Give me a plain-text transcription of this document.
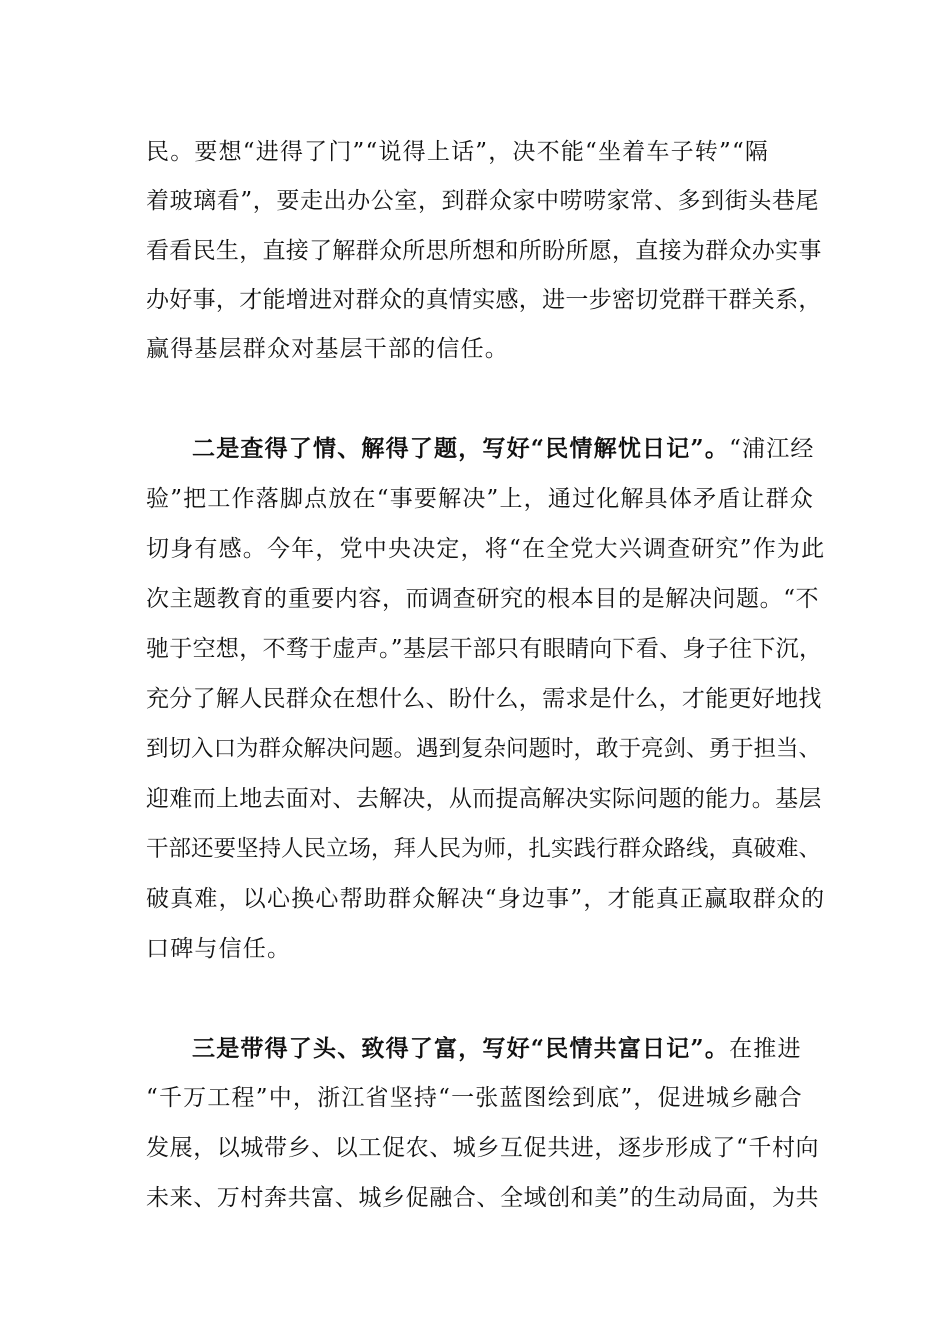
民。要想“进得了门”“说得上话”，决不能“坐着车子转”“隔
着玻璃看”，要走出办公室，到群众家中唠唠家常、多到街头巷尾
看看民生，直接了解群众所思所想和所盼所愿，直接为群众办实事
办好事，才能增进对群众的真情实感，进一步密切党群干群关系，
赢得基层群众对基层干部的信任。
二是查得了情、解得了题，写好“民情解忧日记”。“浦江经
验”把工作落脚点放在“事要解决”上，通过化解具体矛盾让群众
切身有感。今年，党中央决定，将“在全党大兴调查研究”作为此
次主题教育的重要内容，而调查研究的根本目的是解决问题。“不
驰于空想，不骛于虚声。”基层干部只有眼睛向下看、身子往下沉，
充分了解人民群众在想什么、盼什么，需求是什么，才能更好地找
到切入口为群众解决问题。遇到复杂问题时，敢于亮剑、勇于担当、
迎难而上地去面对、去解决，从而提高解决实际问题的能力。基层
干部还要坚持人民立场，拜人民为师，扎实践行群众路线，真破难、
破真难，以心换心帮助群众解决“身边事”，才能真正赢取群众的
口碑与信任。
三是带得了头、致得了富，写好“民情共富日记”。在推进
“千万工程”中，浙江省坚持“一张蓝图绘到底”，促进城乡融合
发展，以城带乡、以工促农、城乡互促共进，逐步形成了“千村向
未来、万村奔共富、城乡促融合、全域创和美”的生动局面，为共
